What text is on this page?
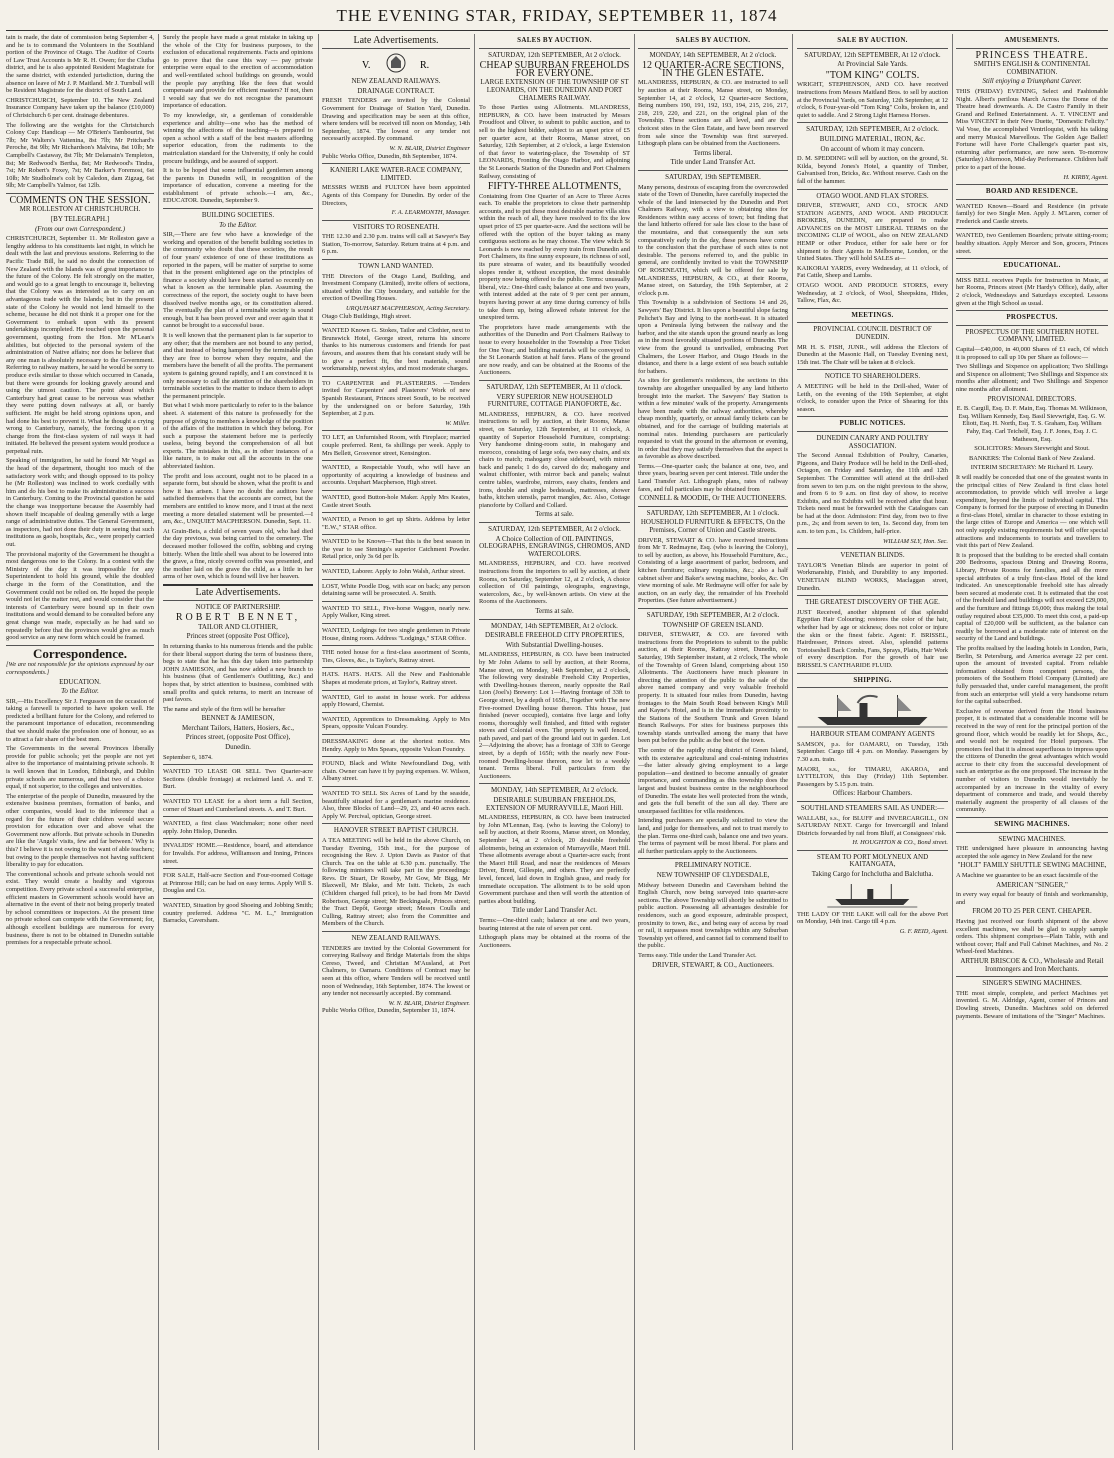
THE EVENING STAR, FRIDAY, SEPTEMBER 11, 1874

tain is made, the date of commission being September 4, and he is to command the Volunteers in the Southland portion of the Province of Otago. The Auditor of Courts of Law Trust Accounts is Mr R. H. Owen; for the Clutha district, and he is also appointed Resident Magistrate for the same district, with extended jurisdiction, during the absence on leave of Mr J. P. Maitland. Mr J. Turnbull will be Resident Magistrate for the district of South Land.

CHRISTCHURCH, September 10. The New Zealand Insurance Company have taken up the balance (£10,000) of Christchurch 6 per cent. drainage debentures.

The following are the weights for the Christchurch Colony Cup: Handicap — Mr O'Brien's Tambourini, 9st 7lb; Mr Walters's Vattenina, 8st 7lb; Mr Pritchard's Peroche, 8st 9lb; Mr Richardson's Malvina, 8st 10lb; Mr Campbell's Castaway, 8st 7lb; Mr Delamain's Templeton, 8st; Mr Redwood's Bertha, 8st; Mr Redwood's Tindra, 7st; Mr Robert's Foxey, 7st; Mr Barker's Foremost, 6st 10lb; Mr Studholme's colt by Caledon, dam Zigzag, 6st 9lb; Mr Campbell's Yalmor, 6st 12lb.

COMMENTS ON THE SESSION.
MR ROLLESTON AT CHRISTCHURCH.
[BY TELEGRAPH.]
(From our own Correspondent.)

CHRISTCHURCH, September 11. Mr Rolleston gave a lengthy address to his constituents last night, in which he dealt with the last and previous sessions. Referring to the Pacific Trade Bill, he said no doubt the connection of New Zealand with the Islands was of great importance to the future of the Colony. He felt strongly on the matter, and would go to a great length to encourage it, believing that the Colony was as interested as to carry on an advantageous trade with the Islands; but in the present state of the Colony he would not lend himself to the scheme, because he did not think it a proper one for the Government to embark upon with its present undertakings incompleted. He touched upon the personal government, quoting from the Hon. Mr M'Lean's abilities, but objected to the personal system of the administration of Native affairs; nor does he believe that any one man is absolutely necessary to the Government. Referring to railway matters, he said he would be sorry to produce evils similar to those which occurred in Canada, but there were grounds for looking gravely around and using the utmost caution. The point about which Canterbury had great cause to be nervous was whether they were putting down railways at all, or barely sufficient. He might be held strong opinions upon, and had done his best to prevent it. What he thought a crying wrong to Canterbury, namely, the forcing upon it a change from the first-class system of rail ways it had initiated. He believed the present system would produce a perpetual ruin.

Speaking of immigration, he said he found Mr Vogel as the head of the department, thought too much of the satisfactory work with; and though opposed to its policy he (Mr Rolleston) was inclined to work cordially with him and do his best to make its administration a success in Canterbury. Coming to the Provincial question he said the change was inopportune because the Assembly had shown itself incapable of dealing generally with a large range of administrative duties. The General Government, as inspectors, had not done their duty in seeing that such institutions as gaols, hospitals, &c., were properly carried out.

The provisional majority of the Government he thought a most dangerous one to the Colony. In a contest with the Ministry of the day it was impossible for any Superintendent to hold his ground, while the doubled charge in the form of the Constitution, and the Government could not be relied on. He hoped the people would not let the matter rest, and would consider that the interests of Canterbury were bound up in their own institutions and would demand to be consulted before any great change was made, especially as he had said so repeatedly before that the provinces would give as much good service as any new form which could be framed.

Correspondence.

[We are not responsible for the opinions expressed by our correspondents.]

EDUCATION.
To the Editor.

SIR,—His Excellency Sir J. Fergusson on the occasion of taking a farewell is reported to have spoken well. He predicted a brilliant future for the Colony, and referred to the paramount importance of education, recommending that we should make the profession one of honour, so as to attract a fair share of the best men.

The Governments in the several Provinces liberally provide for public schools; yet the people are not yet alive to the importance of maintaining private schools. It is well known that in London, Edinburgh, and Dublin private schools are numerous, and that two of a choice equal, if not superior, to the colleges and universities.

The enterprise of the people of Dunedin, measured by the extensive business premises, formation of banks, and other companies, would lead to the inference that a regard for the future of their children would secure provision for education over and above what the Government now affords. But private schools in Dunedin are like the 'Angels' visits, few and far between.' Why is this? I believe it is not owing to the want of able teachers; but owing to the people themselves not having sufficient liberality to pay for education.

The conventional schools and private schools would not exist. They would create a healthy and vigorous competition. Every private school a successful enterprise, efficient masters in Government schools would have an alternative in the event of their not being properly treated by school committees or inspectors. At the present time no private school can compete with the Government; for, although excellent buildings are numerous for every business, there is not to be obtained in Dunedin suitable premises for a respectable private school.

Surely the people have made a great mistake in taking up the whole of the City for business purposes, to the exclusion of educational requirements. Facts and opinions go to prove that the case this way — pay private enterprise were equal to the erection of accommodation and well-ventilated school buildings on grounds, would the people pay anything like the fees that would compensate and provide for efficient masters? If not, then I would say that we do not recognise the paramount importance of education.

To my knowledge, sir, a gentleman of considerable experience and ability—one who has the method of winning the affections of the teaching—is prepared to open a school with a staff of the best masters affording superior education, from the rudiments to the matriculation standard for the University, if only he could procure buildings, and be assured of support.

It is to be hoped that some influential gentlemen among the parents in Dunedin will, in recognition of the importance of education, convene a meeting for the establishment of private schools.—I am, &c., EDUCATOR. Dunedin, September 9.

BUILDING SOCIETIES.
To the Editor.

SIR,—There are few who have a knowledge of the working and operation of the benefit building societies in the community who doubt that these societies, the result of four years' existence of one of these institutions as reported in the papers, will be matter of surprise to some that in the present enlightened age on the principles of finance a society should have been started so recently on what is known as the terminable plan. Assuming the correctness of the report, the society ought to have been dissolved twelve months ago, or its constitution altered. The eventually the plan of a terminable society is sound enough, but it has been proved over and over again that it cannot be brought to a successful issue.

It is well known that the permanent plan is far superior to any other; that the members are not bound to any period, and that instead of being hampered by the terminable plan they are free to borrow when they require, and the members have the benefit of all the profits. The permanent system is gaining ground rapidly, and I am convinced it is only necessary to call the attention of the shareholders in terminable societies to the matter to induce them to adopt the permanent principle.

But what I wish more particularly to refer to is the balance sheet. A statement of this nature is professedly for the purpose of giving to members a knowledge of the position of the affairs of the institution in which they belong. For such a purpose the statement before me is perfectly useless, being beyond the comprehension of all but experts. The mistakes in this, as in other instances of a like nature, is to make out all the accounts in the one abbreviated fashion.

The profit and loss account, ought not to be placed in a separate form, but should be shown, what the profit is and how it has arisen. I have no doubt the auditors have satisfied themselves that the accounts are correct, but the members are entitled to know more, and I trust at the next meeting a more detailed statement will be presented.—I am, &c., UNQUIET MACPHERSON. Dunedin, Sept. 11.

At Grain-Beis, a child of seven years old, who had died the day previous, was being carried to the cemetery. The deceased mother followed the coffin, sobbing and crying bitterly. When the little shell was about to be lowered into the grave, a fine, nicely covered coffin was presented, and the mother laid on the grave the child, as a little in her arms of her own, which is found will live her heaven.

Late Advertisements.
NOTICE OF PARTNERSHIP.
ROBERT BENNET,
TAILOR AND CLOTHIER,
Princes street (opposite Post Office),

In returning thanks to his numerous friends and the public for their liberal support during the term of business there, begs to state that he has this day taken into partnership JOHN JAMIESON, and has now added a new branch to his business (that of Gentlemen's Outfitting, &c.) and hopes that, by strict attention to business, combined with small profits and quick returns, to merit an increase of past favors.

The name and style of the firm will be hereafter

BENNET & JAMIESON,
Merchant Tailors, Hatters, Hosiers, &c.,
Princes street, (opposite Post Office),
Dunedin.

September 6, 1874.

WANTED TO LEASE OR SELL Two Quarter-acre Sections (double frontage) at reclaimed land. A. and T. Burt.

WANTED TO LEASE for a short term a full Section, corner of Stuart and Cumberland streets. A. and T. Burt.

WANTED, a first class Watchmaker; none other need apply. John Hislop, Dunedin.

INVALIDS' HOME.—Residence, board, and attendance for Invalids. For address, Williamson and Inning, Princes street.

FOR SALE, Half-acre Section and Four-roomed Cottage at Primrose Hill; can be had on easy terms. Apply Will S. Douglas and Co.

WANTED, Situation by good Shoeing and Jobbing Smith; country preferred. Address "C. M. L.," Immigration Barracks, Caversham.

Late Advertisements.
V.	R.
NEW ZEALAND RAILWAYS.
DRAINAGE CONTRACT.

FRESH TENDERS are invited by the Colonial Government for Drainage of Station Yard, Dunedin. Drawing and specification may be seen at this office, where tenders will be received till noon on Monday, 14th September, 1874. The lowest or any tender not necessarily accepted. By command.

W. N. BLAIR, District Engineer

Public Works Office, Dunedin, 8th September, 1874.

KANIERI LAKE WATER-RACE COMPANY, LIMITED.

MESSRS WEBB and FULTON have been appointed Agents of this Company for Dunedin. By order of the Directors,

F. A. LEARMONTH, Manager.
VISITORS TO ROSENEATH.

THE 12.30 and 2.30 p.m. trains will call at Sawyer's Bay Station, To-morrow, Saturday. Return trains at 4 p.m. and 6 p.m.

TOWN LAND WANTED.

THE Directors of the Otago Land, Building, and Investment Company (Limited), invite offers of sections, situated within the City boundary, and suitable for the erection of Dwelling Houses.

URQUHART MACPHERSON, Acting Secretary.

Otago Club Buildings, High street.

WANTED Known G. Stokes, Tailor and Clothier, next to Brunswick Hotel, George street, returns his sincere thanks to his numerous customers and friends for past favours, and assures them that his constant study will be to give a perfect fit, the best materials, sound workmanship, newest styles, and most moderate charges.

TO CARPENTER and PLASTERERS. —Tenders invited for Carpenters' and Plasterers' Work of new Spanish Restaurant, Princes street South, to be received by the undersigned on or before Saturday, 19th September, at 2 p.m.

W. Miller.

TO LET, an Unfurnished Room, with Fireplace; married couple preferred. Rent, 6s shillings per week. Apply to Mrs Bellett, Grosvenor street, Kensington.

WANTED, a Respectable Youth, who will have an opportunity of acquiring a knowledge of business and accounts. Urquhart Macpherson, High street.

WANTED, good Button-hole Maker. Apply Mrs Keates, Castle street South.

WANTED, a Person to get up Shirts. Address by letter "E.W.," STAR office.

WANTED to be Known—That this is the best season in the year to use Stenings's superior Catchment Powder. Retail price, only 3s 6d per lb.

WANTED, Laborer. Apply to John Walsh, Arthur street.

LOST, White Poodle Dog, with scar on back; any person detaining same will be prosecuted. A. Smith.

WANTED TO SELL, Five-horse Waggon, nearly new. Apply Walker, King street.

WANTED, Lodgings for two single gentlemen in Private House, dining room. Address "Lodgings," STAR Office.

THE noted house for a first-class assortment of Scents, Ties, Gloves, &c., is Taylor's, Rattray street.

HATS. HATS. HATS. All the New and Fashionable Shapes at moderate prices, at Taylor's, Rattray street.

WANTED, Girl to assist in house work. For address apply Howard, Chemist.

WANTED, Apprentices to Dressmaking. Apply to Mrs Spears, opposite Vulcan Foundry.

DRESSMAKING done at the shortest notice. Mrs Hendry. Apply to Mrs Spears, opposite Vulcan Foundry.

FOUND, Black and White Newfoundland Dog, with chain. Owner can have it by paying expenses. W. Wilson, Albany street.

WANTED TO SELL Six Acres of Land by the seaside, beautifully situated for a gentleman's marine residence. Also, three Blocks of Land—29, 23, and 40 acres each. Apply W. Percival, optician, George street.

HANOVER STREET BAPTIST CHURCH.

A TEA MEETING will be held in the above Church, on Tuesday Evening, 15th inst., for the purpose of recognising the Rev. J. Upton Davis as Pastor of that Church. Tea on the table at 6.30 p.m. punctually. The following ministers will take part in the proceedings: Revs. Dr Stuart, Dr Roseby, Mr Gow, Mr Bigg, Mr Blaxwell, Mr Blake, and Mr Isitt. Tickets, 2s each (Children charged full price), to be had from Mr David Robertson, George street; Mr Beckingsale, Princes street; the Tract Depôt, George street; Messrs Coulls and Culling, Rattray street; also from the Committee and Members of the Church.

NEW ZEALAND RAILWAYS.

TENDERS are invited by the Colonial Government for conveying Railway and Bridge Materials from the ships Cereso, Tweed, and Christian M'Ausland, at Port Chalmers, to Oamaru. Conditions of Contract may be seen at this office, where Tenders will be received until noon of Wednesday, 16th September, 1874. The lowest or any tender not necessarily accepted. By command.

W. N. BLAIR, District Engineer.

Public Works Office, Dunedin, September 11, 1874.

SALES BY AUCTION.
SATURDAY, 12th SEPTEMBER, At 2 o'clock.
CHEAP SUBURBAN FREEHOLDS FOR EVERYONE.
LARGE EXTENSION OF THE TOWNSHIP OF ST LEONARDS, ON THE DUNEDIN AND PORT CHALMERS RAILWAY.

To those Parties using Allotments. MLANDRESS, HEPBURN, & CO. have been instructed by Messrs Proudfoot and Oliver, to submit to public auction, and to sell to the highest bidder, subject to an upset price of £5 per quarter acre, at their Rooms, Manse street, on Saturday, 12th September, at 2 o'clock, a large Extension of that favor to watering-place, the Township of ST LEONARDS, Fronting the Otago Harbor, and adjoining the St Leonards Station of the Dunedin and Port Chalmers Railway, consisting of

FIFTY-THREE ALLOTMENTS,

Containing from One Quarter of an Acre to Three Acres each. To enable the proprietors to close their partnership accounts, and to put these most desirable marine villa sites within the reach of all, they have resolved to fix the low upset price of £5 per quarter-acre. And the sections will be offered with the option of the buyer taking as many contiguous sections as he may choose. The view which St Leonards is now reached by every train from Dunedin and Port Chalmers, its fine sunny exposure, its richness of soil, its pure streams of water, and its beautifully wooded slopes render it, without exception, the most desirable property now being offered to the public. Terms: unusually liberal, viz.: One-third cash; balance at one and two years, with interest added at the rate of 9 per cent per annum, buyers having power at any time during currency of bills to take them up, being allowed rebate interest for the unexpired term.

The proprietors have made arrangements with the authorities of the Dunedin and Port Chalmers Railway to issue to every householder in the Township a Free Ticket for One Year; and building materials will be conveyed to the St Leonards Station at half fares. Plans of the ground are now ready, and can be obtained at the Rooms of the Auctioneers.

SATURDAY, 12th SEPTEMBER, At 11 o'clock.
VERY SUPERIOR NEW HOUSEHOLD FURNITURE, COTTAGE PIANOFORTE, &c.

MLANDRESS, HEPBURN, & CO. have received instructions to sell by auction, at their Rooms, Manse street, on Saturday, 12th September, at 11 o'clock, A quantity of Superior Household Furniture, comprising: Very handsome dining-room suite, in mahogany and morocco, consisting of large sofa, two easy chairs, and six chairs to match; mahogany close sideboard, with mirror back and panels; 1 do do, carved do do; mahogany and walnut chiffonier, with mirror back and panels; walnut centre tables, wardrobe, mirrors, easy chairs, fenders and irons, double and single bedsteads, mattresses, shower baths, kitchen utensils, parrot mangles, &c. Also, Cottage pianoforte by Collard and Collard.

Terms at sale.
SATURDAY, 12th SEPTEMBER, At 2 o'clock.
A Choice Collection of OIL PAINTINGS, OLEOGRAPHS, ENGRAVINGS, CHROMOS, AND WATERCOLORS.

MLANDRESS, HEPBURN, and CO. have received instructions from the importers to sell by auction, at their Rooms, on Saturday, September 12, at 2 o'clock, A choice collection of Oil paintings, oleographs, engravings, watercolors, &c., by well-known artists. On view at the Rooms of the Auctioneers.

Terms at sale.
MONDAY, 14th SEPTEMBER, At 2 o'clock.
DESIRABLE FREEHOLD CITY PROPERTIES,
With Substantial Dwelling-houses.

MLANDRESS, HEPBURN, & CO. have been instructed by Mr John Adams to sell by auction, at their Rooms, Manse street, on Monday, 14th September, at 2 o'clock, The following very desirable Freehold City Properties, with Dwelling-houses thereon, nearly opposite the Rail Lion (Joel's) Brewery: Lot 1—Having frontage of 33ft to George street, by a depth of 165ft., Together with The new Five-roomed Dwelling house thereon. This house, just finished (never occupied), contains five large and lofty rooms, thoroughly well finished, and fitted with register stoves and Colonial oven. The property is well fenced, path paved, and part of the ground laid out in garden. Lot 2—Adjoining the above; has a frontage of 33ft to George street, by a depth of 165ft; with the nearly new Four-roomed Dwelling-house thereon, now let to a weekly tenant. Terms liberal. Full particulars from the Auctioneers.

MONDAY, 14th SEPTEMBER, At 2 o'clock.
DESIRABLE SUBURBAN FREEHOLDS, EXTENSION OF MURRAYVILLE, Maori Hill.

MLANDRESS, HEPBURN, & CO. have been instructed by John M'Lennan, Esq. (who is leaving the Colony) to sell by auction, at their Rooms, Manse street, on Monday, September 14, at 2 o'clock, 20 desirable freehold allotments, being an extension of Murrayville, Maori Hill. These allotments average about a Quarter-acre each; front the Maori Hill Road, and near the residences of Messrs Driver, Brent, Gillespie, and others. They are perfectly level, fenced, laid down in English grass, and ready for immediate occupation. The allotment is to be sold upon Government purchase and then will worth the attention of parties about building.

Title under Land Transfer Act.

Terms:—One-third cash; balance at one and two years, bearing interest at the rate of seven per cent.

Lithograph plans may be obtained at the rooms of the Auctioneers.

SALES BY AUCTION.
MONDAY, 14th SEPTEMBER, At 2 o'clock.
12 QUARTER-ACRE SECTIONS, IN THE GLEN ESTATE.

MLANDRESS, HEPBURN, & CO. are instructed to sell by auction at their Rooms, Manse street, on Monday, September 14, at 2 o'clock, 12 Quarter-acre Sections, Being numbers 190, 191, 192, 193, 194, 215, 216, 217, 218, 219, 220, and 221, on the original plan of the Township. These sections are all level, and are the choicest sites in the Glen Estate, and have been reserved from sale since the Township was first surveyed. Lithograph plans can be obtained from the Auctioneers.

Terms liberal.
Title under Land Transfer Act.
SATURDAY, 19th SEPTEMBER.

Many persons, desirous of escaping from the overcrowded state of the Town of Dunedin, have carefully inspected the whole of the land intersected by the Dunedin and Port Chalmers Railway, with a view to obtaining sites for Residences within easy access of town; but finding that the land hitherto offered for sale lies close to the base of the mountains, and that consequently the sun sets comparatively early in the day, these persons have come to the conclusion that the purchase of such sites is not desirable. The persons referred to, and the public in general, are confidently invited to visit the TOWNSHIP OF ROSENEATH, which will be offered for sale by MLANDRESS, HEPBURN, & CO., at their Rooms, Manse street, on Saturday, the 19th September, at 2 o'clock p.m.

This Township is a subdivision of Sections 14 and 26, Sawyers' Bay District. It lies upon a beautiful slope facing Pelichet's Bay and lying to the north-east. It is situated upon a Peninsula lying between the railway and the harbor, and the site stands upon the ground nearly as long as in the most favorably situated portions of Dunedin. The view from the ground is unrivalled, embracing Port Chalmers, the Lower Harbor, and Otago Heads in the distance, and there is a large extent of sea beach suitable for bathers.

As sites for gentlemen's residences, the sections in this township are altogether unequalled by any land hitherto brought into the market. The Sawyers' Bay Station is within a few minutes' walk of the property. Arrangements have been made with the railway authorities, whereby cheap monthly, quarterly, or annual family tickets can be obtained, and for the carriage of building materials at nominal rates. Intending purchasers are particularly requested to visit the ground in the afternoon or evening, in order that they may satisfy themselves that the aspect is as favorable as above described.

Terms.—One-quarter cash; the balance at one, two, and three years, bearing seven per cent interest. Title under the Land Transfer Act. Lithograph plans, rates of railway fares, and full particulars may be obtained from

CONNELL & MOODIE, Or THE AUCTIONEERS.
SATURDAY, 12th SEPTEMBER, At 1 o'clock.
HOUSEHOLD FURNITURE & EFFECTS, On the Premises, Corner of Union and Castle streets.

DRIVER, STEWART & CO. have received instructions from Mr T. Redmayne, Esq. (who is leaving the Colony), to sell by auction, as above, his Household Furniture, &c., Consisting of a large assortment of parlor, bedroom, and kitchen furniture; culinary requisites, &c.; also a half cabinet silver and Baker's sewing machine, books, &c. On view morning of sale. Mr Redmayne will offer for sale by auction, on an early day, the remainder of his Freehold Properties. (See future advertisement.)

SATURDAY, 19th SEPTEMBER, At 2 o'clock.
TOWNSHIP OF GREEN ISLAND.

DRIVER, STEWART, & CO. are favored with instructions from the Proprietors to submit to the public auction, at their Rooms, Rattray street, Dunedin, on Saturday, 19th September instant, at 2 o'clock, The whole of the Township of Green Island, comprising about 150 Allotments. The Auctioneers have much pleasure in directing the attention of the public to the sale of the above named company and very valuable freehold property. It is situated four miles from Dunedin, having frontages to the Main South Road between King's Mill and Kayne's Hotel, and is in the immediate proximity to the Stations of the Southern Trunk and Green Island Branch Railways. For sites for business purposes this township stands unrivalled among the many that have been put before the public as the best of the town.

The centre of the rapidly rising district of Green Island, with its extensive agricultural and coal-mining industries—the latter already giving employment to a large population—and destined to become annually of greater importance, and commanding as this township does the largest and busiest business centre in the neighbourhood of Dunedin. The estate lies well protected from the winds, and gets the full benefit of the sun all day. There are unsurpassed facilities for villa residences.

Intending purchasers are specially solicited to view the land, and judge for themselves, and not to trust merely to the plan. Terms one-third cash, balance one and two years. The terms of payment will be most liberal. For plans and all further particulars apply to the Auctioneers.

PRELIMINARY NOTICE.
NEW TOWNSHIP OF CLYDESDALE,

Midway between Dunedin and Caversham behind the English Church, now being surveyed into quarter-acre sections. The above Township will shortly be submitted to public auction. Possessing all advantages desirable for residences, such as good exposure, admirable prospect, proximity to town, &c., and being easy of access by road or rail, it surpasses most townships within any Suburban Township yet offered, and cannot fail to commend itself to the public.

Terms easy. Title under the Land Transfer Act.

DRIVER, STEWART, & CO., Auctioneers.
SALE BY AUCTION.
SATURDAY, 12th SEPTEMBER, At 12 o'clock.
At Provincial Sale Yards.
"TOM KING" COLTS.

WRIGHT, STEPHENSON, AND CO. have received instructions from Messrs Maitland Bros. to sell by auction at the Provincial Yards, on Saturday, 12th September, at 12 o'clock, 6 Four-year-old "Tom King" Colts, broken in, and quiet to saddle. And 2 Strong Light Harness Horses.

SATURDAY, 12th SEPTEMBER, At 2 o'clock.
BUILDING MATERIAL, IRON, &c.
On account of whom it may concern.

D. M. SPEDDING will sell by auction, on the ground, St. Kilda, beyond Jones's Hotel, a quantity of Timber, Galvanised Iron, Bricks, &c. Without reserve. Cash on the fall of the hammer.

OTAGO WOOL AND FLAX STORES.

DRIVER, STEWART, AND CO., STOCK AND STATION AGENTS, AND WOOL AND PRODUCE BROKERS, DUNEDIN, are prepared to make ADVANCES on the MOST LIBERAL TERMS on the INCOMING CLIP of WOOL, also on NEW ZEALAND HEMP or other Produce, either for sale here or for shipment to their Agents in Melbourne, London, or the United States. They will hold SALES at—

KAIKORAI YARDS, every Wednesday, at 11 o'clock, of Fat Cattle, Sheep and Lambs.

OTAGO WOOL AND PRODUCE STORES, every Wednesday, at 2 o'clock, of Wool, Sheepskins, Hides, Tallow, Flax, &c.

MEETINGS.
PROVINCIAL COUNCIL DISTRICT OF DUNEDIN.

MR H. S. FISH, JUNR., will address the Electors of Dunedin at the Masonic Hall, on Tuesday Evening next, 15th inst. The Chair will be taken at 8 o'clock.

NOTICE TO SHAREHOLDERS.

A MEETING will be held in the Drill-shed, Water of Leith, on the evening of the 19th September, at eight o'clock, to consider upon the Price of Shearing for this season.

PUBLIC NOTICES.
DUNEDIN CANARY AND POULTRY ASSOCIATION.

The Second Annual Exhibition of Poultry, Canaries, Pigeons, and Dairy Produce will be held in the Drill-shed, Octagon, on Friday and Saturday, the 11th and 12th September. The Committee will attend at the drill-shed from seven to ten p.m. on the night previous to the show, and from 6 to 9 a.m. on first day of show, to receive Exhibits, and no Exhibits will be received after that hour. Tickets need must be forwarded with the Catalogues can be had at the door. Admission: First day, from two to five p.m., 2s; and from seven to ten, 1s. Second day, from ten a.m. to ten p.m., 1s. Children, half-price.

WILLIAM SLY, Hon. Sec.
VENETIAN BLINDS.

TAYLOR'S Venetian Blinds are superior in point of Workmanship, Finish, and Durability to any imported. VENETIAN BLIND WORKS, Maclaggan street, Dunedin.

THE GREATEST DISCOVERY OF THE AGE.

JUST Received, another shipment of that splendid Egyptian Hair Colouring; restores the color of the hair, whether had by age or sickness; does not color or injure the skin or the finest fabric. Agent: F. BRISSEL, Hairdresser, Princes street. Also, splendid patterns Tortoiseshell Back Combs, Fans, Sprays, Plaits, Hair Work of every description. For the growth of hair use BRISSEL'S CANTHARIDE FLUID.

SHIPPING.
HARBOUR STEAM COMPANY AGENTS

SAMSON, p.s. for OAMARU, on Tuesday, 15th September. Cargo till 4 p.m. on Monday. Passengers by 7.30 a.m. train.

MAORI, s.s., for TIMARU, AKAROA, and LYTTELTON, this Day (Friday) 11th September. Passengers by 5.15 p.m. train.

Offices: Harbour Chambers.
SOUTHLAND STEAMERS SAIL AS UNDER:—

WALLABI, s.s., for BLUFF and INVERCARGILL, ON SATURDAY NEXT. Cargo for Invercargill and Inland Districts forwarded by rail from Bluff, at Consignees' risk.

H. HOUGHTON & CO., Bond street.
STEAM TO PORT MOLYNEUX AND KAITANGATA,
Taking Cargo for Inchclutha and Balclutha.

THE LADY OF THE LAKE will call for the above Port on Monday, 14th inst. Cargo till 4 p.m.

G. F. REID, Agent.
AMUSEMENTS.
PRINCESS THEATRE.
SMITH'S ENGLISH & CONTINENTAL COMBINATION.
Still enjoying a Triumphant Career.

THIS (FRIDAY) EVENING, Select and Fashionable Night. Albert's perilous March Across the Dome of the Theatre head downwards. A. De Castro Family in their Grand and Refined Entertainment. A. T. VINCENT and Miss VINCENT in their New Duette, "Domestic Felicity." Val Vose, the accomplished Ventriloquist, with his talking and merry Musical Marvellous. The Golden Age Ballet! Fortune will have Forte Challenge's quarter past six, returning after performance, are now seen. To-morrow (Saturday) Afternoon, Mid-day Performance. Children half price to a part of the house.

H. KIRBY, Agent.
BOARD AND RESIDENCE.

WANTED Known—Board and Residence (in private family) for two Single Men. Apply J. M'Laren, corner of Frederick and Castle streets.

WANTED, two Gentlemen Boarders; private sitting-room; healthy situation. Apply Mercer and Son, grocers, Princes street.

EDUCATIONAL.

MISS BELL receives Pupils for Instruction in Music, at her Rooms, Princes street (Mr Hardy's Office), daily, after 2 o'clock, Wednesdays and Saturdays excepted. Lessons given at the High School as usual.

PROSPECTUS.
PROSPECTUS OF THE SOUTHERN HOTEL COMPANY, LIMITED.

Capital—£40,000, in 40,000 Shares of £1 each, Of which it is proposed to call up 10s per Share as follows:—

Two Shillings and Sixpence on application; Two Shillings and Sixpence on allotment; Two Shillings and Sixpence six months after allotment; and Two Shillings and Sixpence nine months after allotment.

PROVISIONAL DIRECTORS.

E. B. Cargill, Esq. D. F. Main, Esq. Thomas M. Wilkinson, Esq. William Kennedy, Esq. Basil Sievwright, Esq. G. W. Eliott, Esq. H. North, Esq. T. S. Graham, Esq. William Fahy, Esq. Carl Teichelf, Esq. J. F. Jones, Esq. J. C. Matheson, Esq.

SOLICITORS: Messrs Sievwright and Stout.

BANKERS: The Colonial Bank of New Zealand.

INTERIM SECRETARY: Mr Richard H. Leary.

It will readily be conceded that one of the greatest wants in the principal cities of New Zealand is first class hotel accommodation, to provide which will involve a large expenditure, beyond the limits of individual capital. This Company is formed for the purpose of erecting in Dunedin a first-class Hotel, similar in character to those existing in the large cities of Europe and America — one which will not only supply existing requirements but will offer special attractions and inducements to tourists and travellers to visit this part of New Zealand.

It is proposed that the building to be erected shall contain 200 Bedrooms, spacious Dining and Drawing Rooms, Library, Private Rooms for families, and all the more special attributes of a truly first-class Hotel of the kind indicated. An unexceptionable freehold site has already been secured at moderate cost. It is estimated that the cost of the freehold land and buildings will not exceed £29,000, and the furniture and fittings £6,000; thus making the total outlay required about £35,000. To meet this cost, a paid-up capital of £20,000 will be sufficient, as the balance can readily be borrowed at a moderate rate of interest on the security of the Land and buildings.

The profits realised by the leading hotels in London, Paris, Berlin, St Petersburg, and America average 22 per cent. upon the amount of invested capital. From reliable information obtained from competent persons, the promoters of the Southern Hotel Company (Limited) are fully persuaded that, under careful management, the profit from such an enterprise will yield a very handsome return for the capital subscribed.

Exclusive of revenue derived from the Hotel business proper, it is estimated that a considerable income will be received in the way of rent for the principal portion of the ground floor, which would be readily let for Shops, &c., and would not be required for Hotel purposes. The promoters feel that it is almost superfluous to impress upon the citizens of Dunedin the great advantages which would accrue to their city from the successful development of such an enterprise as the one proposed. The increase in the number of visitors to Dunedin would inevitably be accompanied by an increase in the vitality of every department of commerce and trade, and would thereby materially augment the prosperity of all classes of the community.

SEWING MACHINES.
SEWING MACHINES.

THE undersigned have pleasure in announcing having accepted the sole agency in New Zealand for the new

"HOLT" FAMILY SHUTTLE SEWING MACHINE,

A Machine we guarantee to be an exact facsimile of the

AMERICAN "SINGER,"

in every way equal for beauty of finish and workmanship, and

FROM 20 TO 25 PER CENT. CHEAPER.

Having just received our fourth shipment of the above excellent machines, we shall be glad to supply sample orders. This shipment comprises—Plain Table, with and without cover; Half and Full Cabinet Machines, and No. 2 Wheel-feed Machines.

ARTHUR BRISCOE & CO., Wholesale and Retail Ironmongers and Iron Merchants.
SINGER'S SEWING MACHINES.

THE most simple, complete, and perfect Machines yet invented. G. M. Aldridge, Agent, corner of Princes and Dowling streets, Dunedin. Machines sold on deferred payments. Beware of imitations of the "Singer" Machines.
